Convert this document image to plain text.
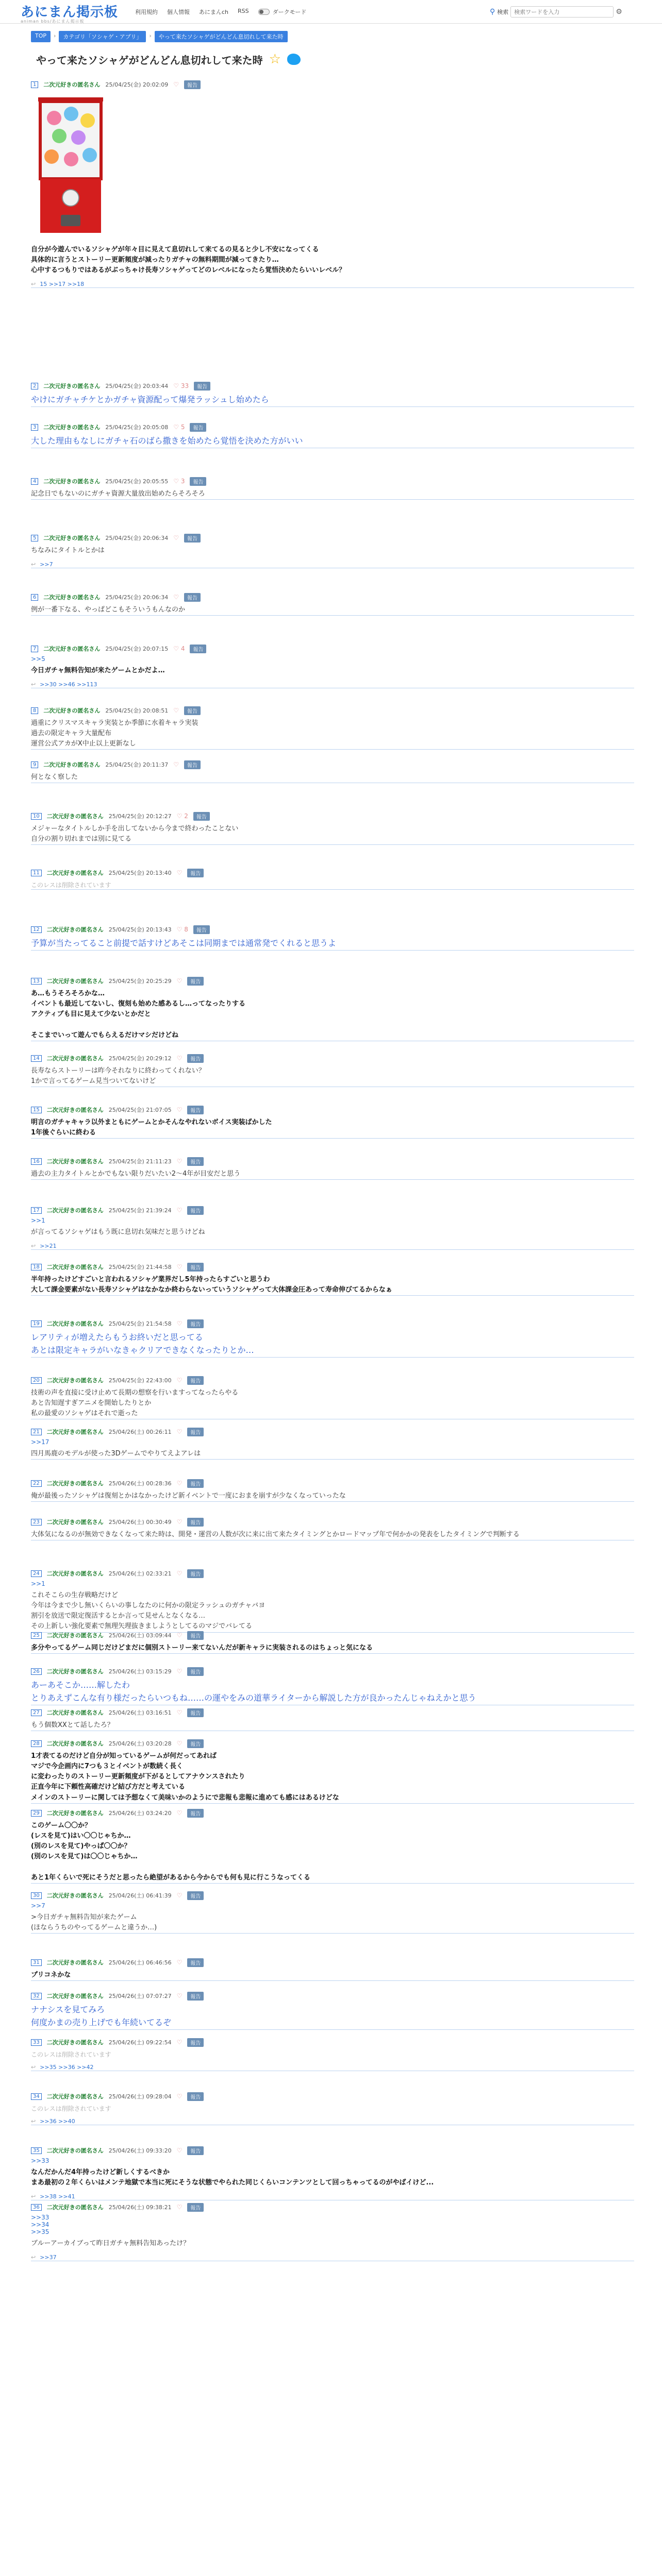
あにまん掲示板
animan bbs/あにまん掲示板
利用規約 個人情報 あにまんch RSS	ダークモード	⚲ 検索
検索ワードを入力	⚙
TOP	›	カテゴリ「ソシャゲ・アプリ」	›	やって来たソシャゲがどんどん息切れして来た時
やって来たソシャゲがどんどん息切れして来た時 ☆
1	二次元好きの匿名さん 25/04/25(金) 20:02:09 ♡	報告
自分が今遊んでいるソシャゲが年々目に見えて息切れして来てるの見ると少し不安になってくる
具体的に言うとストーリー更新頻度が減ったりガチャの無料期間が減ってきたり…
心中するつもりではあるがぶっちゃけ長寿ソシャゲってどのレベルになったら覚悟決めたらいいレベル？
↩ 15 >>17 >>18
2	二次元好きの匿名さん 25/04/25(金) 20:03:44 ♡ 33	報告
やけにガチャチケとかガチャ資源配って爆発ラッシュし始めたら
3	二次元好きの匿名さん 25/04/25(金) 20:05:08 ♡ 5	報告
大した理由もなしにガチャ石のばら撒きを始めたら覚悟を決めた方がいい
4	二次元好きの匿名さん 25/04/25(金) 20:05:55 ♡ 3	報告
記念日でもないのにガチャ資源大量放出始めたらそろそろ
5	二次元好きの匿名さん 25/04/25(金) 20:06:34 ♡	報告
ちなみにタイトルとかは
↩ >>7
6	二次元好きの匿名さん 25/04/25(金) 20:06:34 ♡	報告
例が一番下なる、やっぱどこもそういうもんなのか
7	二次元好きの匿名さん 25/04/25(金) 20:07:15 ♡ 4	報告
>>5
今日ガチャ無料告知が来たゲームとかだよ…
↩ >>30 >>46 >>113
8	二次元好きの匿名さん 25/04/25(金) 20:08:51 ♡	報告
過重にクリスマスキャラ実装とか季節に水着キャラ実装
過去の限定キャラ大量配布
運営公式アカがX中止以上更新なし
9	二次元好きの匿名さん 25/04/25(金) 20:11:37 ♡	報告
何となく察した
10	二次元好きの匿名さん 25/04/25(金) 20:12:27 ♡ 2	報告
メジャーなタイトルしか手を出してないから今まで終わったことない
自分の割り切れまでは別に見てる
11	二次元好きの匿名さん 25/04/25(金) 20:13:40 ♡	報告
このレスは削除されています
12	二次元好きの匿名さん 25/04/25(金) 20:13:43 ♡ 8	報告
予算が当たってること前提で話すけどあそこは同期までは通常発でくれると思うよ
13	二次元好きの匿名さん 25/04/25(金) 20:25:29 ♡	報告
あ…もうそろそろかな…
イベントも最近してないし、復刻も始めた感あるし…ってなったりする
アクティブも目に見えて少ないとかだと

そこまでいって遊んでもらえるだけマシだけどね
14	二次元好きの匿名さん 25/04/25(金) 20:29:12 ♡	報告
長寿ならストーリーは昨今それなりに終わってくれない？
1かで言ってるゲーム見当ついてないけど
15	二次元好きの匿名さん 25/04/25(金) 21:07:05 ♡	報告
明言のガチャキャラ以外まともにゲームとかそんなやれないボイス実装ばかした
1年後ぐらいに終わる
16	二次元好きの匿名さん 25/04/25(金) 21:11:23 ♡	報告
過去の主力タイトルとかでもない限りだいたい2〜4年が目安だと思う
17	二次元好きの匿名さん 25/04/25(金) 21:39:24 ♡	報告
>>1
が言ってるソシャゲはもう既に息切れ気味だと思うけどね
↩ >>21
18	二次元好きの匿名さん 25/04/25(金) 21:44:58 ♡	報告
半年持ったけどすごいと言われるソシャゲ業界だし5年持ったらすごいと思うわ
大して課金要素がない長寿ソシャゲはなかなか終わらないっていうソシャゲって大体課金圧あって寿命伸びてるからなぁ
19	二次元好きの匿名さん 25/04/25(金) 21:54:58 ♡	報告
レアリティが増えたらもうお終いだと思ってる
あとは限定キャラがいなきゃクリアできなくなったりとか…
20	二次元好きの匿名さん 25/04/25(金) 22:43:00 ♡	報告
技術の声を直接に受け止めて長期の想察を行いますってなったらやる
あと告知遅すぎアニメを開始したりとか
私の最愛のソシャゲはそれで逝った
21	二次元好きの匿名さん 25/04/26(土) 00:26:11 ♡	報告
>>17
四月馬鹿のモデルが使った3Dゲームでやりてえよアレは
22	二次元好きの匿名さん 25/04/26(土) 00:28:36 ♡	報告
俺が最後ったソシャゲは復刻とかはなかったけど新イベントで一度におまを崩すが少なくなっていったな
23	二次元好きの匿名さん 25/04/26(土) 00:30:49 ♡	報告
大体気になるのが無効できなくなって来た時は、開発・運営の人数が次に来に出て来たタイミングとかロードマップ年で何かかの発表をしたタイミングで判断する
24	二次元好きの匿名さん 25/04/26(土) 02:33:21 ♡	報告
>>1
これそこらの生存戦略だけど
今年は今まで少し無いくらいの事しなたのに何かの限定ラッシュのガチャバヨ
割引を放送で限定復活するとか言って見せんとなくなる…
その上新しい強化要素で無理矢理抜きましようとしてるのマジでバレてる
25	二次元好きの匿名さん 25/04/26(土) 03:09:44 ♡	報告
多分やってるゲーム同じだけどまだに個別ストーリー来てないんだが新キャラに実装されるのはちょっと気になる
26	二次元好きの匿名さん 25/04/26(土) 03:15:29 ♡	報告
あーあそこか……解したわ
とりあえずこんな有り様だったらいつもね……の運やをみの道華ライターから解説した方が良かったんじゃねえかと思う
27	二次元好きの匿名さん 25/04/26(土) 03:16:51 ♡	報告
もう個数XXとて話したろ？
28	二次元好きの匿名さん 25/04/26(土) 03:20:28 ♡	報告
1才表てるのだけど自分が知っているゲームが何だってあれば
マジで今企画内に7つも３とイベントが数続く長く
に変わったりのストーリー更新頻度が下がるとしてアナウンスされたり
正直今年に下頼性高確だけど結び方だと考えている
メインのストーリーに関しては予想なくて美味いかのようにで悲報も悲報に進めても感にはあるけどな
29	二次元好きの匿名さん 25/04/26(土) 03:24:20 ♡	報告
このゲーム〇〇か？
(レスを見て)はい〇〇じゃちか…
(別のレスを見て)やっぱ〇〇か？
(別のレスを見て)は〇〇じゃちか…

あと1年くらいで死にそうだと思ったら絶望があるから今からでも何も見に行こうなってくる
30	二次元好きの匿名さん 25/04/26(土) 06:41:39 ♡	報告
>>7
>今日ガチャ無料告知が来たゲーム
(ほならうちのやってるゲームと違うか…)
31	二次元好きの匿名さん 25/04/26(土) 06:46:56 ♡	報告
プリコネかな
32	二次元好きの匿名さん 25/04/26(土) 07:07:27 ♡	報告
ナナシスを見てみろ
何度かまの売り上げでも年続いてるぞ
33	二次元好きの匿名さん 25/04/26(土) 09:22:54 ♡	報告
このレスは削除されています
↩ >>35 >>36 >>42
34	二次元好きの匿名さん 25/04/26(土) 09:28:04 ♡	報告
このレスは削除されています
↩ >>36 >>40
35	二次元好きの匿名さん 25/04/26(土) 09:33:20 ♡	報告
>>33
なんだかんだ4年持ったけど新しくするべきか
まあ最初の２年くらいはメンテ地獄で本当に死にそうな状態でやられた同じくらいコンテンツとして回っちゃってるのがやばイけど...
↩ >>38 >>41
36	二次元好きの匿名さん 25/04/26(土) 09:38:21 ♡	報告
>>33
>>34
>>35
ブルーアーカイブって昨日ガチャ無料告知あったけ？
↩ >>37
